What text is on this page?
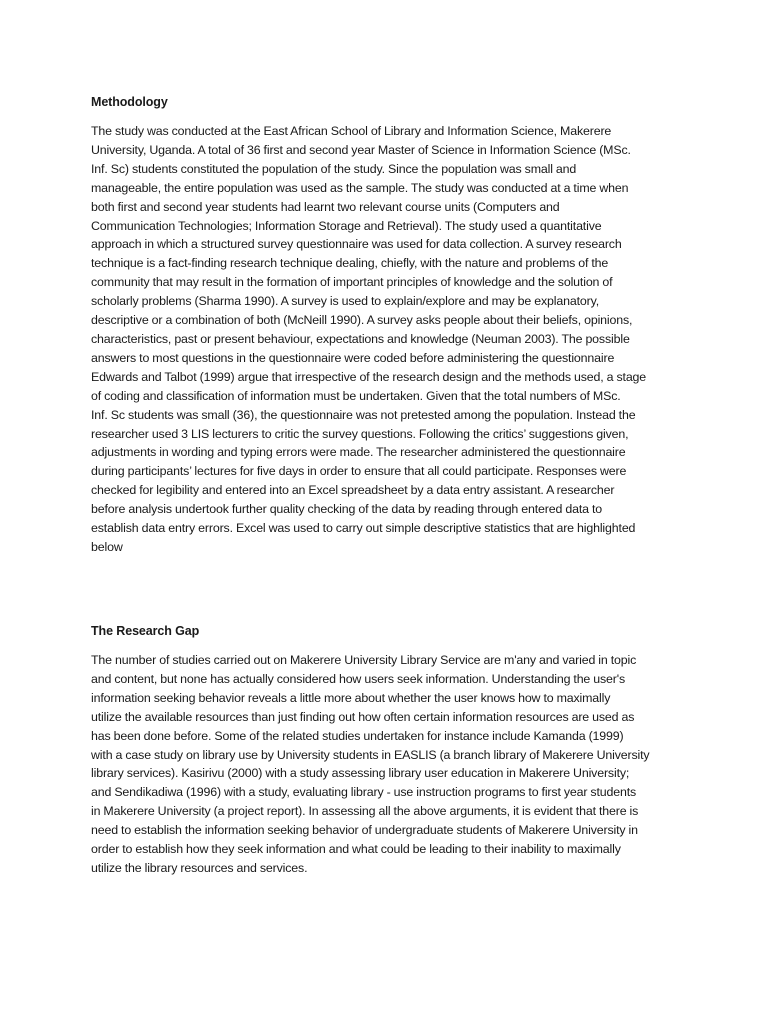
Methodology

The study was conducted at the East African School of Library and Information Science, Makerere
University, Uganda. A total of 36 first and second year Master of Science in Information Science (MSc.
Inf. Sc) students constituted the population of the study. Since the population was small and
manageable, the entire population was used as the sample. The study was conducted at a time when
both first and second year students had learnt two relevant course units (Computers and
Communication Technologies; Information Storage and Retrieval). The study used a quantitative
approach in which a structured survey questionnaire was used for data collection. A survey research
technique is a fact-finding research technique dealing, chiefly, with the nature and problems of the
community that may result in the formation of important principles of knowledge and the solution of
scholarly problems (Sharma 1990). A survey is used to explain/explore and may be explanatory,
descriptive or a combination of both (McNeill 1990). A survey asks people about their beliefs, opinions,
characteristics, past or present behaviour, expectations and knowledge (Neuman 2003). The possible
answers to most questions in the questionnaire were coded before administering the questionnaire
Edwards and Talbot (1999) argue that irrespective of the research design and the methods used, a stage
of coding and classification of information must be undertaken. Given that the total numbers of MSc.
Inf. Sc students was small (36), the questionnaire was not pretested among the population. Instead the
researcher used 3 LIS lecturers to critic the survey questions. Following the critics’ suggestions given,
adjustments in wording and typing errors were made. The researcher administered the questionnaire
during participants’ lectures for five days in order to ensure that all could participate. Responses were
checked for legibility and entered into an Excel spreadsheet by a data entry assistant. A researcher
before analysis undertook further quality checking of the data by reading through entered data to
establish data entry errors. Excel was used to carry out simple descriptive statistics that are highlighted
below

The Research Gap

The number of studies carried out on Makerere University Library Service are m'any and varied in topic
and content, but none has actually considered how users seek information. Understanding the user's
information seeking behavior reveals a little more about whether the user knows how to maximally
utilize the available resources than just finding out how often certain information resources are used as
has been done before. Some of the related studies undertaken for instance include Kamanda (1999)
with a case study on library use by University students in EASLIS (a branch library of Makerere University
library services). Kasirivu (2000) with a study assessing library user education in Makerere University;
and Sendikadiwa (1996) with a study, evaluating library - use instruction programs to first year students
in Makerere University (a project report). In assessing all the above arguments, it is evident that there is
need to establish the information seeking behavior of undergraduate students of Makerere University in
order to establish how they seek information and what could be leading to their inability to maximally
utilize the library resources and services.
